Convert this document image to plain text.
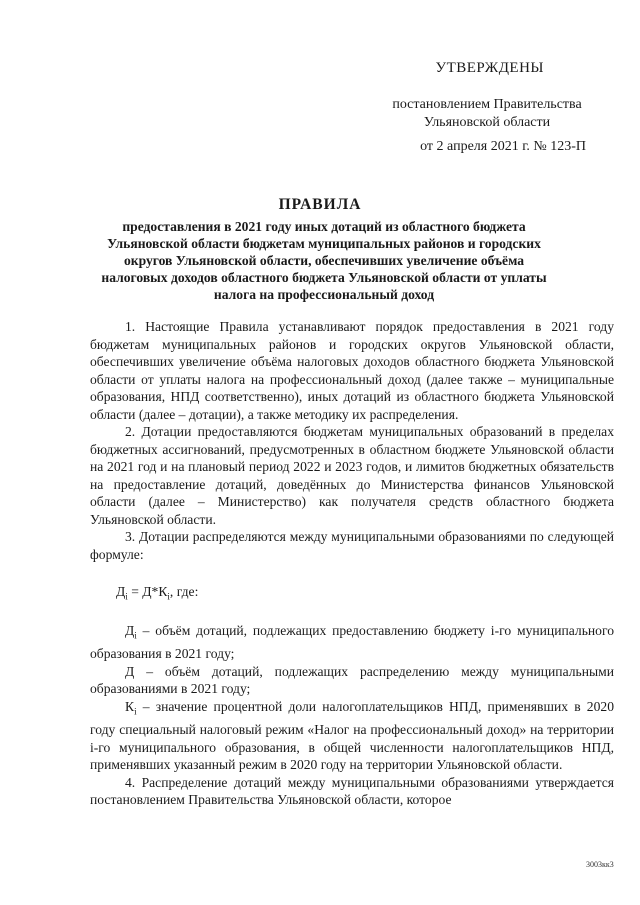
УТВЕРЖДЕНЫ
постановлением Правительства
Ульяновской области
от 2 апреля 2021 г. № 123-П
ПРАВИЛА
предоставления в 2021 году иных дотаций из областного бюджета Ульяновской области бюджетам муниципальных районов и городских округов Ульяновской области, обеспечивших увеличение объёма налоговых доходов областного бюджета Ульяновской области от уплаты налога на профессиональный доход

1. Настоящие Правила устанавливают порядок предоставления в 2021 году бюджетам муниципальных районов и городских округов Ульяновской области, обеспечивших увеличение объёма налоговых доходов областного бюджета Ульяновской области от уплаты налога на профессиональный доход (далее также – муниципальные образования, НПД соответственно), иных дотаций из областного бюджета Ульяновской области (далее – дотации), а также методику их распределения.

2. Дотации предоставляются бюджетам муниципальных образований в пределах бюджетных ассигнований, предусмотренных в областном бюджете Ульяновской области на 2021 год и на плановый период 2022 и 2023 годов, и лимитов бюджетных обязательств на предоставление дотаций, доведённых до Министерства финансов Ульяновской области (далее – Министерство) как получателя средств областного бюджета Ульяновской области.

3. Дотации распределяются между муниципальными образованиями по следующей формуле:

$Д_i = Д*К_i$, где:

$Д_i$ – объём дотаций, подлежащих предоставлению бюджету i-го муниципального образования в 2021 году;

Д – объём дотаций, подлежащих распределению между муниципальными образованиями в 2021 году;

$К_i$ – значение процентной доли налогоплательщиков НПД, применявших в 2020 году специальный налоговый режим «Налог на профессиональный доход» на территории i-го муниципального образования, в общей численности налогоплательщиков НПД, применявших указанный режим в 2020 году на территории Ульяновской области.

4. Распределение дотаций между муниципальными образованиями утверждается постановлением Правительства Ульяновской области, которое

3003кк3
